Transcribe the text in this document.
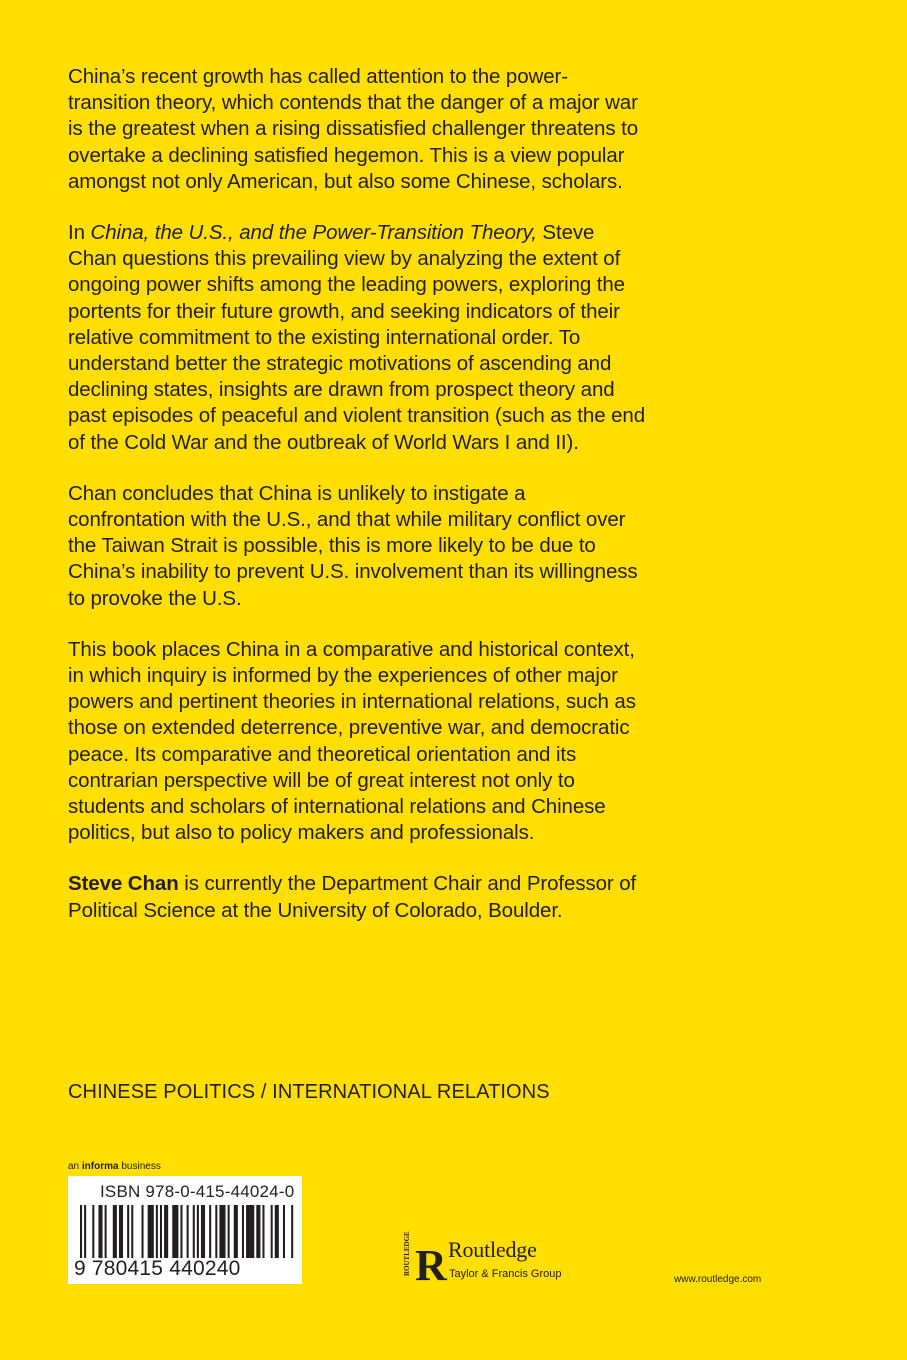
China’s recent growth has called attention to the power-transition theory, which contends that the danger of a major war is the greatest when a rising dissatisfied challenger threatens to overtake a declining satisfied hegemon. This is a view popular amongst not only American, but also some Chinese, scholars.

In China, the U.S., and the Power-Transition Theory, Steve Chan questions this prevailing view by analyzing the extent of ongoing power shifts among the leading powers, exploring the portents for their future growth, and seeking indicators of their relative commitment to the existing international order. To understand better the strategic motivations of ascending and declining states, insights are drawn from prospect theory and past episodes of peaceful and violent transition (such as the end of the Cold War and the outbreak of World Wars I and II).

Chan concludes that China is unlikely to instigate a confrontation with the U.S., and that while military conflict over the Taiwan Strait is possible, this is more likely to be due to China’s inability to prevent U.S. involvement than its willingness to provoke the U.S.

This book places China in a comparative and historical context, in which inquiry is informed by the experiences of other major powers and pertinent theories in international relations, such as those on extended deterrence, preventive war, and democratic peace. Its comparative and theoretical orientation and its contrarian perspective will be of great interest not only to students and scholars of international relations and Chinese politics, but also to policy makers and professionals.

Steve Chan is currently the Department Chair and Professor of Political Science at the University of Colorado, Boulder.

CHINESE POLITICS / INTERNATIONAL RELATIONS
an informa business
ISBN 978-0-415-44024-0
9 780415 440240	ROUTLEDGE R Routledge
Taylor & Francis Group	www.routledge.com
